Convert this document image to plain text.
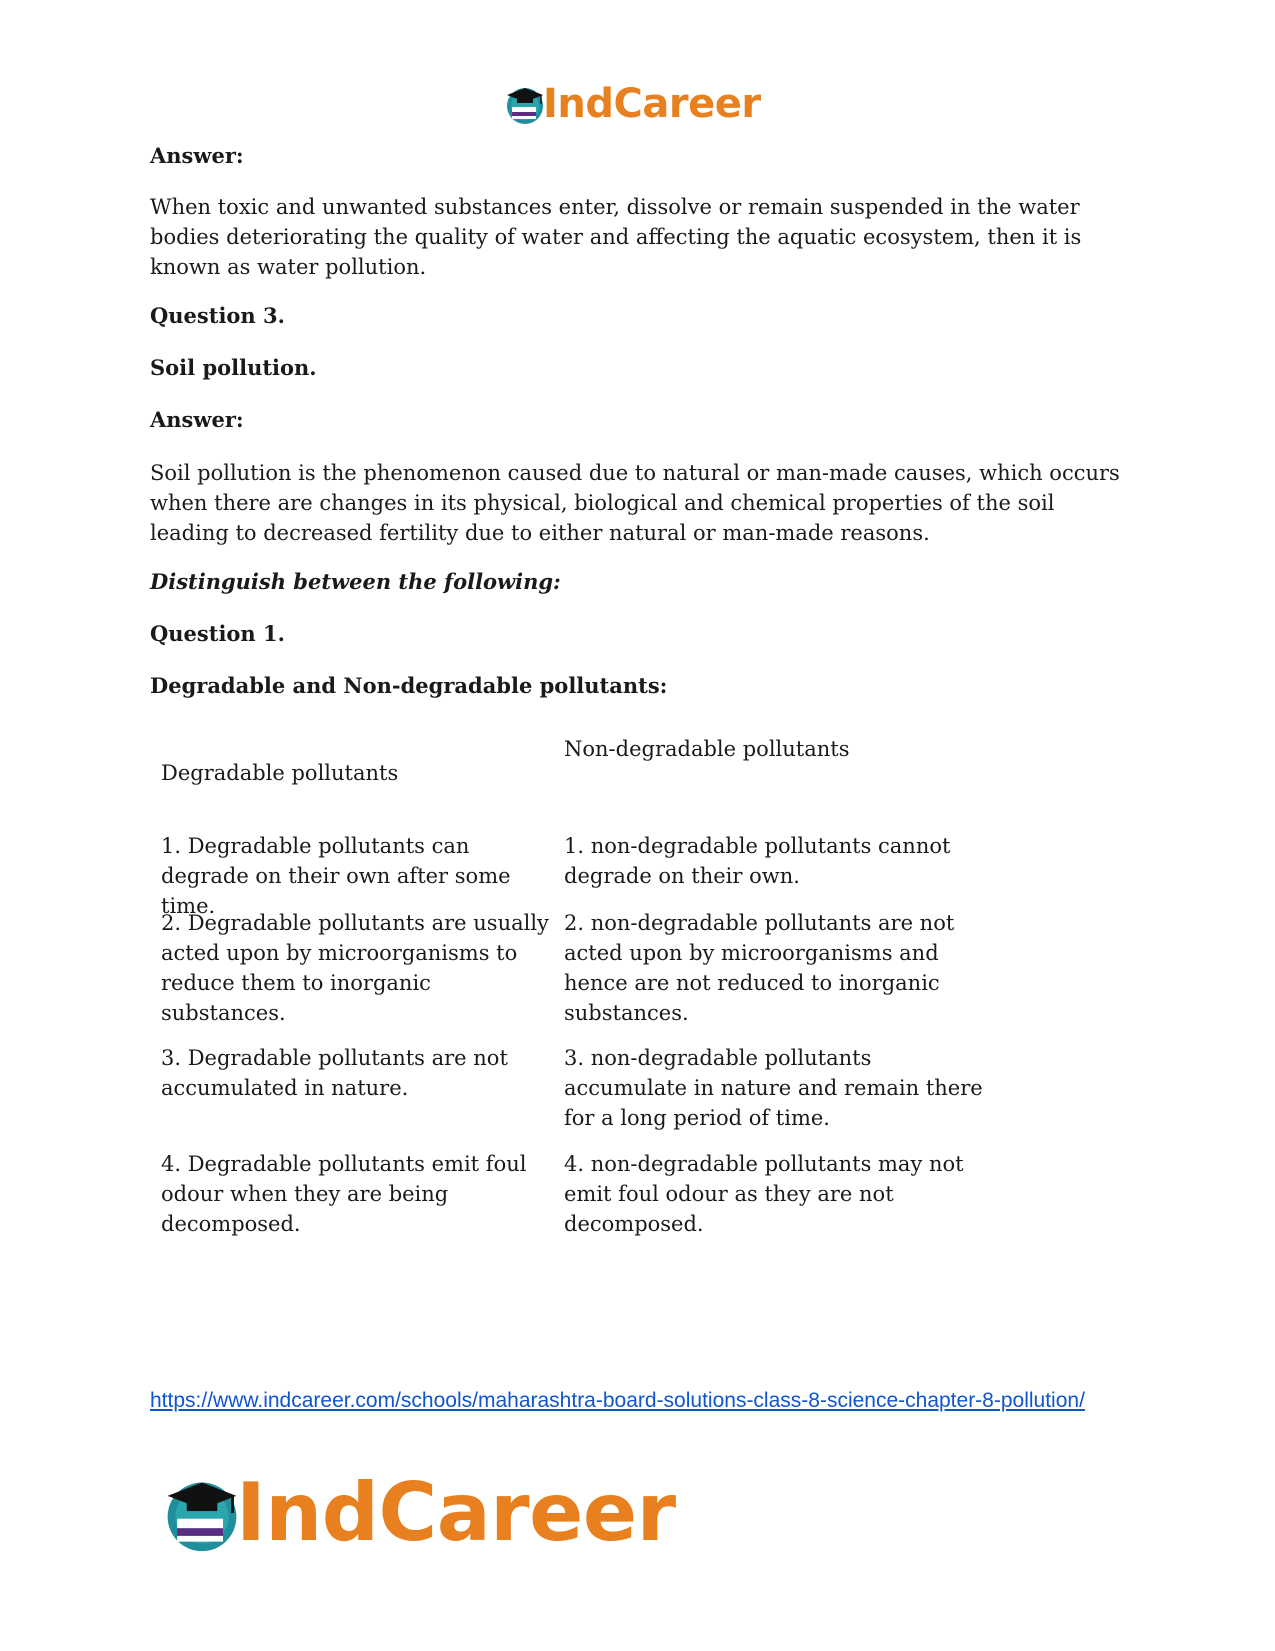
IndCareer

Answer:

When toxic and unwanted substances enter, dissolve or remain suspended in the water bodies deteriorating the quality of water and affecting the aquatic ecosystem, then it is known as water pollution.

Question 3.

Soil pollution.

Answer:

Soil pollution is the phenomenon caused due to natural or man-made causes, which occurs when there are changes in its physical, biological and chemical properties of the soil leading to decreased fertility due to either natural or man-made reasons.

Distinguish between the following:

Question 1.

Degradable and Non-degradable pollutants:

Degradable pollutants

Non-degradable pollutants

1. Degradable pollutants can degrade on their own after some time.

1. non-degradable pollutants cannot degrade on their own.

2. Degradable pollutants are usually acted upon by microorganisms to reduce them to inorganic substances.

2. non-degradable pollutants are not acted upon by microorganisms and hence are not reduced to inorganic substances.

3. Degradable pollutants are not accumulated in nature.

3. non-degradable pollutants accumulate in nature and remain there for a long period of time.

4. Degradable pollutants emit foul odour when they are being decomposed.

4. non-degradable pollutants may not emit foul odour as they are not decomposed.

https://www.indcareer.com/schools/maharashtra-board-solutions-class-8-science-chapter-8-pollution/
IndCareer
